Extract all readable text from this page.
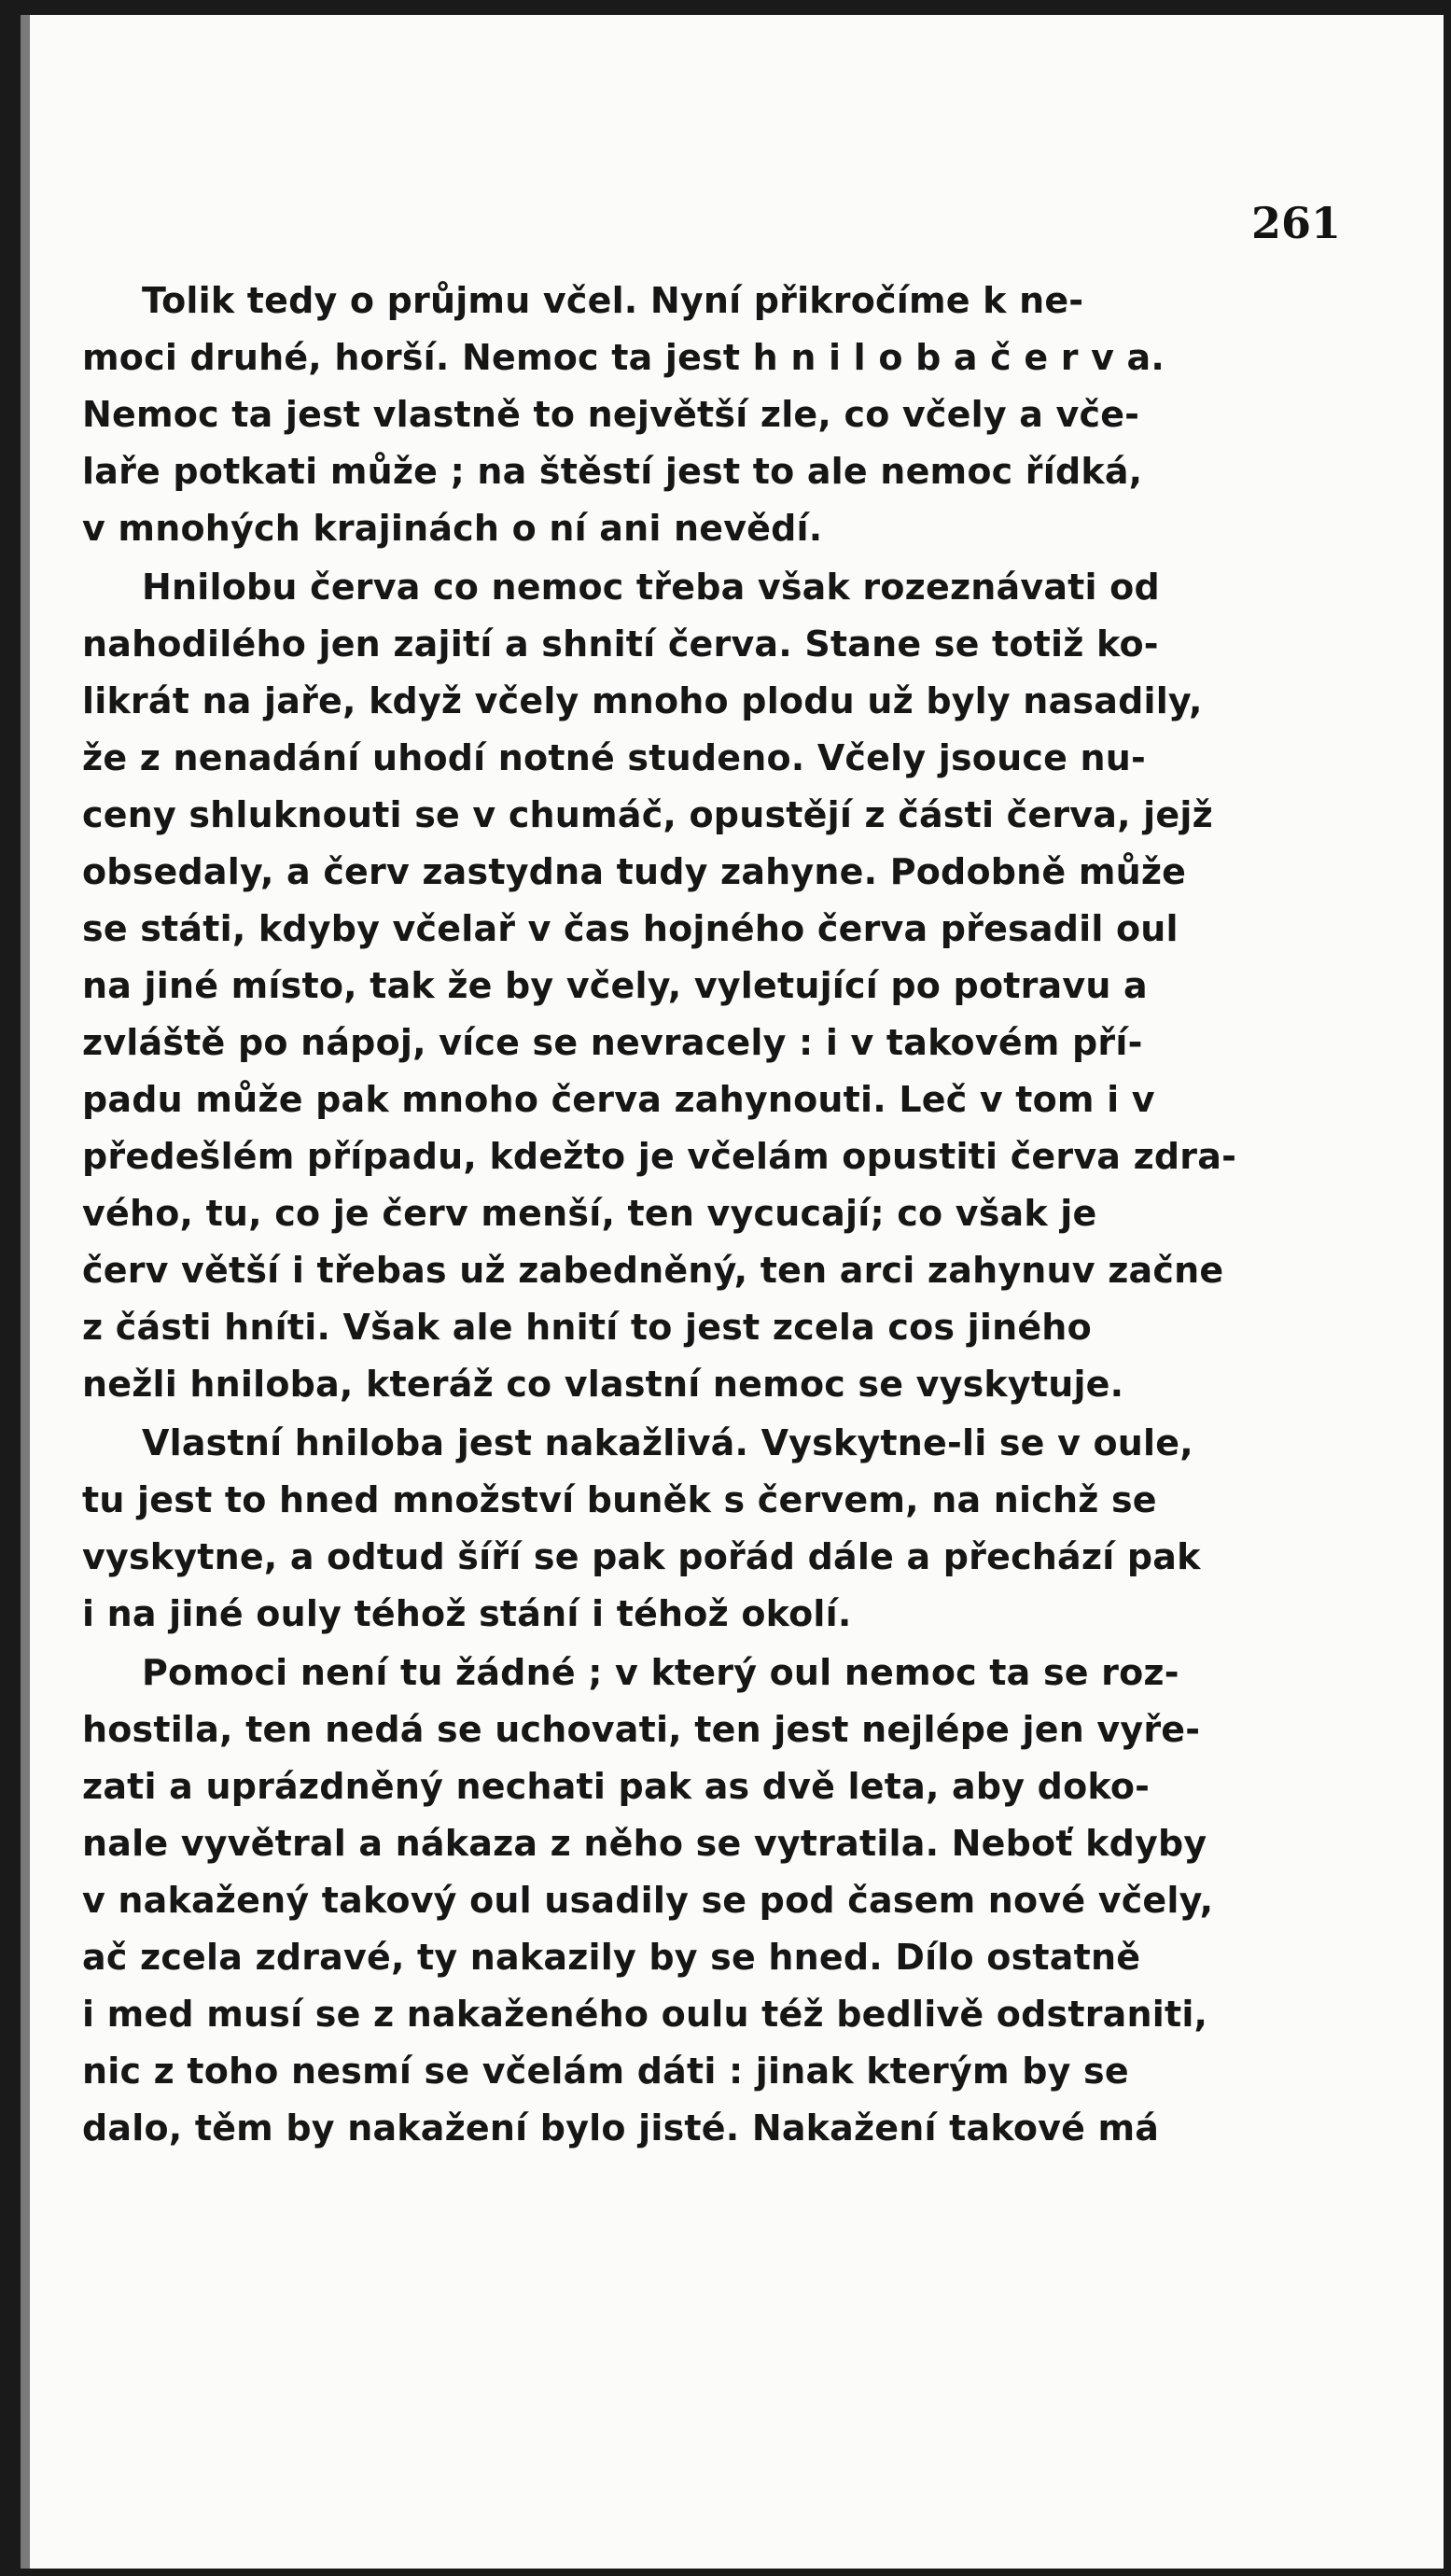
261
Tolik tedy o průjmu včel. Nyní přikročíme k ne-
moci druhé, horší. Nemoc ta jest h n i l o b a č e r v a.
Nemoc ta jest vlastně to největší zle, co včely a vče-
laře potkati může ; na štěstí jest to ale nemoc řídká,
v mnohých krajinách o ní ani nevědí.
Hnilobu červa co nemoc třeba však rozeznávati od
nahodilého jen zajití a shnití červa. Stane se totiž ko-
likrát na jaře, když včely mnoho plodu už byly nasadily,
že z nenadání uhodí notné studeno. Včely jsouce nu-
ceny shluknouti se v chumáč, opustějí z části červa, jejž
obsedaly, a červ zastydna tudy zahyne. Podobně může
se státi, kdyby včelař v čas hojného červa přesadil oul
na jiné místo, tak že by včely, vyletující po potravu a
zvláště po nápoj, více se nevracely : i v takovém pří-
padu může pak mnoho červa zahynouti. Leč v tom i v
předešlém případu, kdežto je včelám opustiti červa zdra-
vého, tu, co je červ menší, ten vycucají; co však je
červ větší i třebas už zabedněný, ten arci zahynuv začne
z části hníti. Však ale hnití to jest zcela cos jiného
nežli hniloba, kteráž co vlastní nemoc se vyskytuje.
Vlastní hniloba jest nakažlivá. Vyskytne-li se v oule,
tu jest to hned množství buněk s červem, na nichž se
vyskytne, a odtud šíří se pak pořád dále a přechází pak
i na jiné ouly téhož stání i téhož okolí.
Pomoci není tu žádné ; v který oul nemoc ta se roz-
hostila, ten nedá se uchovati, ten jest nejlépe jen vyře-
zati a uprázdněný nechati pak as dvě leta, aby doko-
nale vyvětral a nákaza z něho se vytratila. Neboť kdyby
v nakažený takový oul usadily se pod časem nové včely,
ač zcela zdravé, ty nakazily by se hned. Dílo ostatně
i med musí se z nakaženého oulu též bedlivě odstraniti,
nic z toho nesmí se včelám dáti : jinak kterým by se
dalo, těm by nakažení bylo jisté. Nakažení takové má
